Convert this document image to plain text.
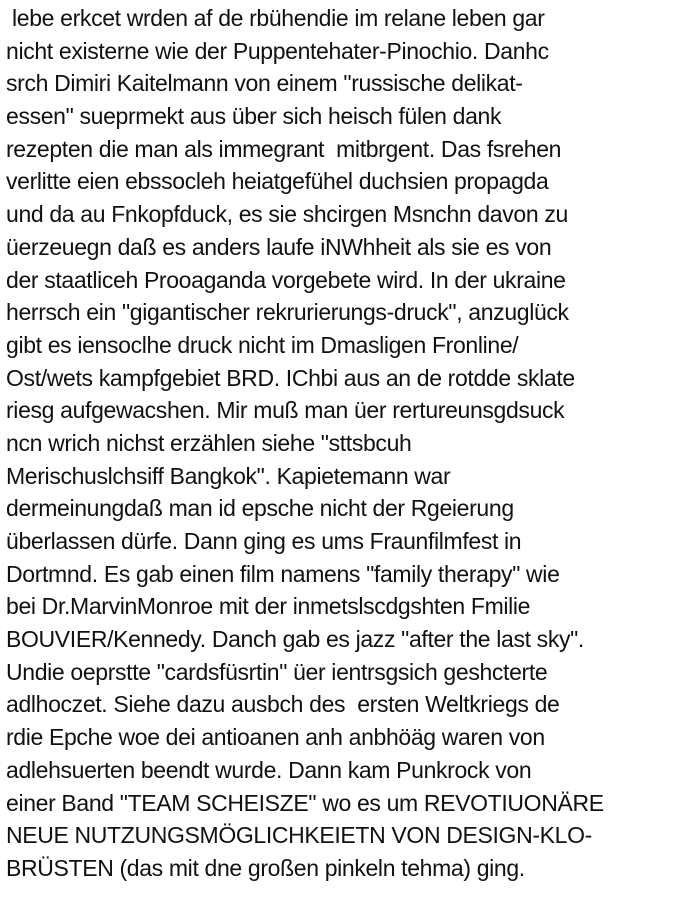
lebe erkcet wrden af de rbühendie im relane leben gar
nicht existerne wie der Puppentehater-Pinochio. Danhc
srch Dimiri Kaitelmann von einem "russische delikat-
essen" sueprmekt aus über sich heisch fülen dank
rezepten die man als immegrant  mitbrgent. Das fsrehen
verlitte eien ebssocleh heiatgefühel duchsien propagda
und da au Fnkopfduck, es sie shcirgen Msnchn davon zu
üerzeuegn daß es anders laufe iNWhheit als sie es von
der staatliceh Prooaganda vorgebete wird. In der ukraine
herrsch ein "gigantischer rekrurierungs-druck", anzuglück
gibt es iensoclhe druck nicht im Dmasligen Fronline/
Ost/wets kampfgebiet BRD. IChbi aus an de rotdde sklate
riesg aufgewacshen. Mir muß man üer rertureunsgdsuck
ncn wrich nichst erzählen siehe "sttsbcuh
Merischuslchsiff Bangkok". Kapietemann war
dermeinungdaß man id epsche nicht der Rgeierung
überlassen dürfe. Dann ging es ums Fraunfilmfest in
Dortmnd. Es gab einen film namens "family therapy" wie
bei Dr.MarvinMonroe mit der inmetslscdgshten Fmilie
BOUVIER/Kennedy. Danch gab es jazz "after the last sky".
Undie oeprstte "cardsfüsrtin" üer ientrsgsich geshcterte
adlhoczet. Siehe dazu ausbch des  ersten Weltkriegs de
rdie Epche woe dei antioanen anh anbhöäg waren von
adlehsuerten beendt wurde. Dann kam Punkrock von
einer Band "TEAM SCHEISZE" wo es um REVOTIUONÄRE
NEUE NUTZUNGSMÖGLICHKEIETN VON DESIGN-KLO-
BRÜSTEN (das mit dne großen pinkeln tehma) ging.
